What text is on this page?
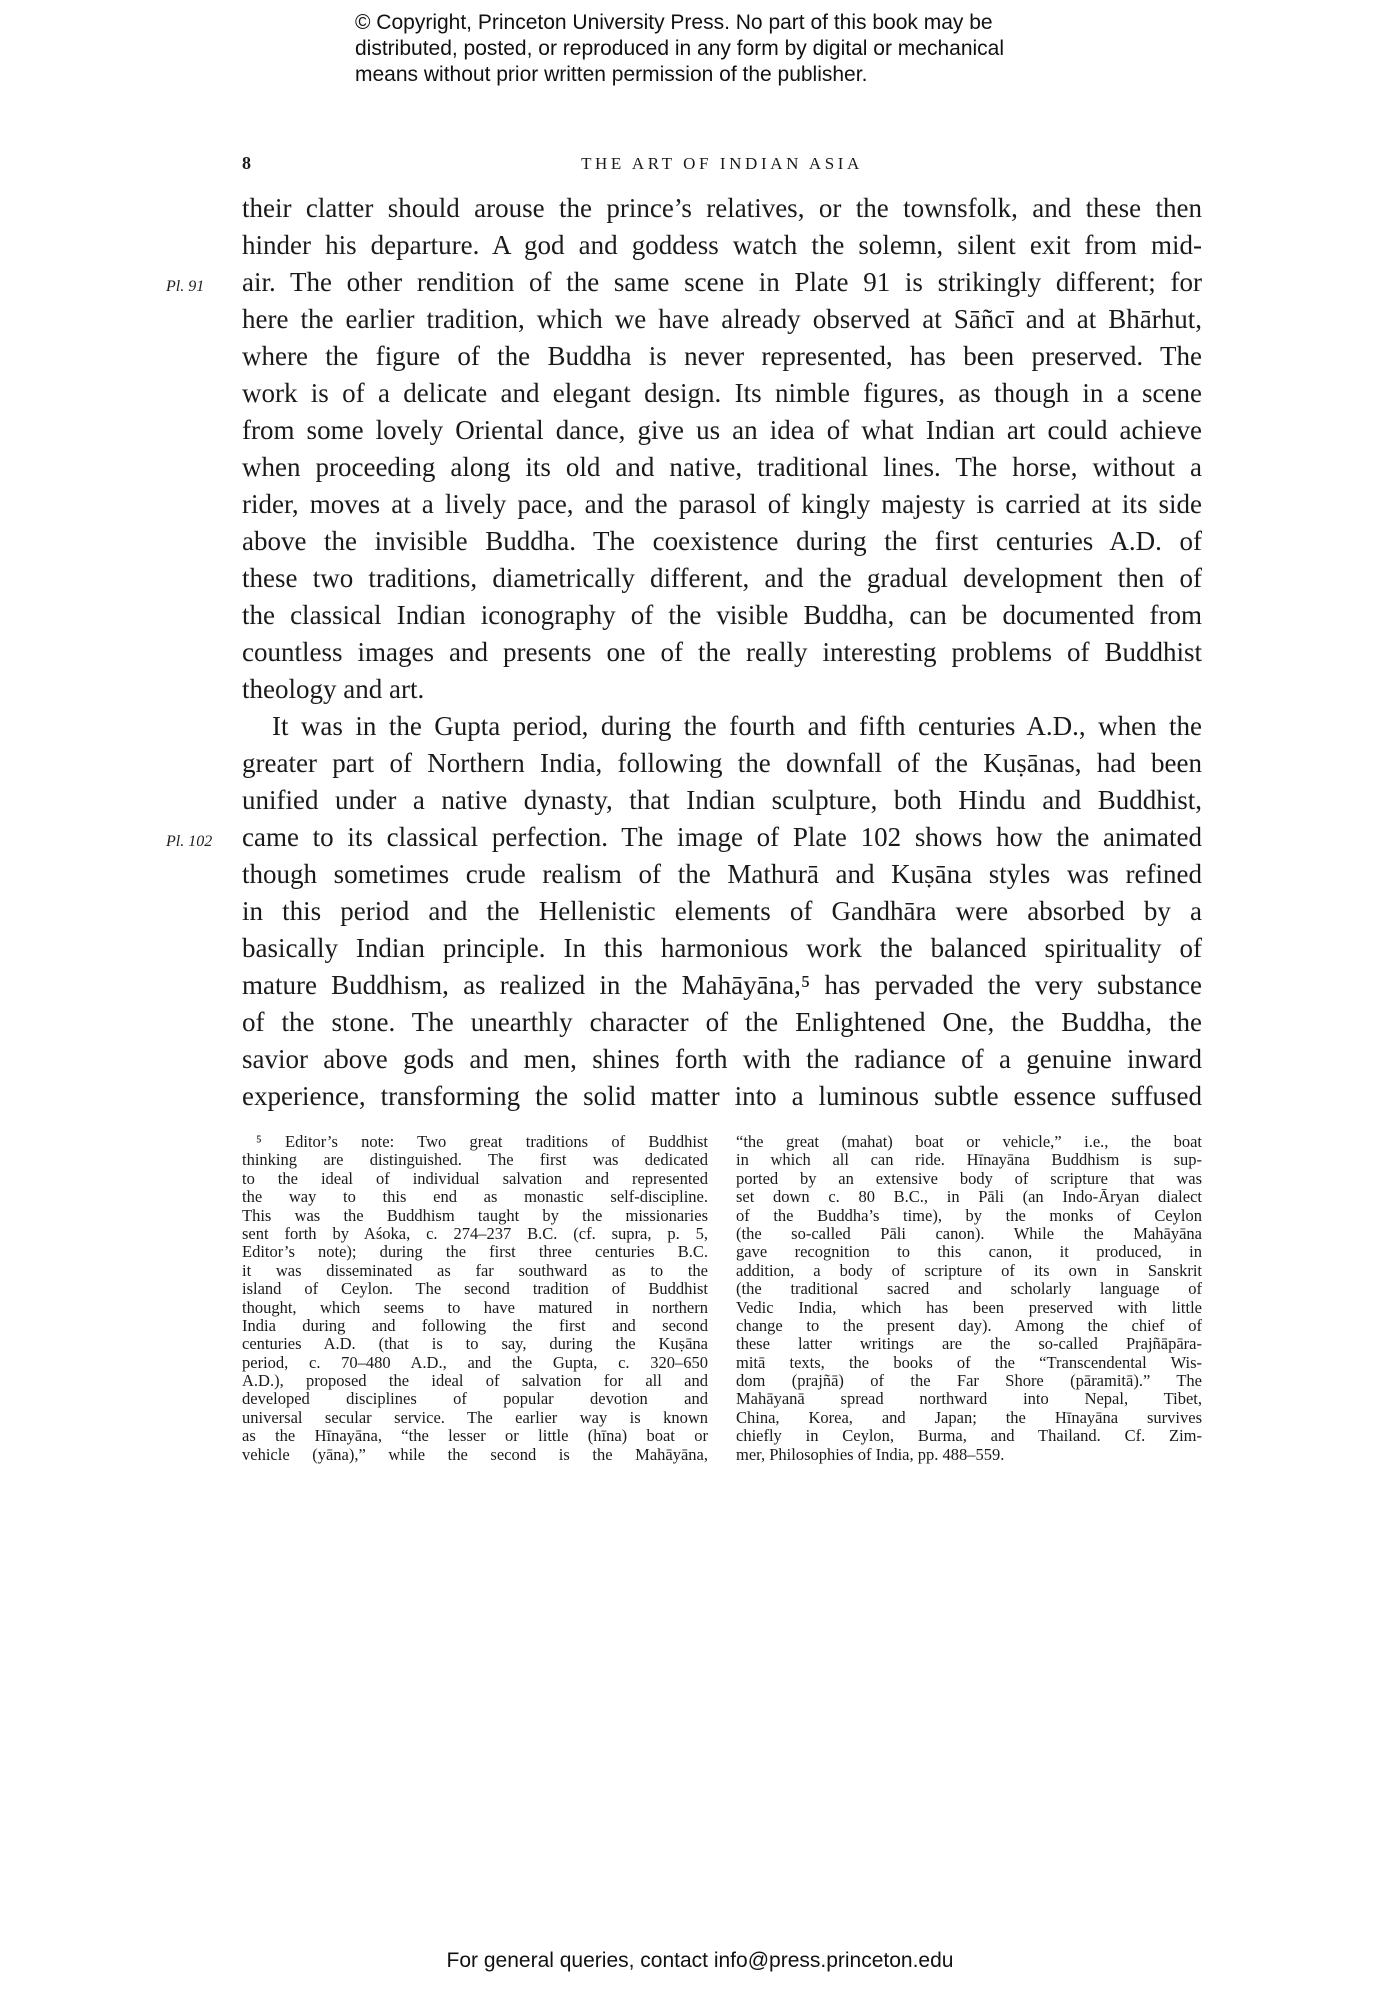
© Copyright, Princeton University Press. No part of this book may be
distributed, posted, or reproduced in any form by digital or mechanical
means without prior written permission of the publisher.
8	THE ART OF INDIAN ASIA
Pl. 91
Pl. 102
their clatter should arouse the prince’s relatives, or the townsfolk, and these then
hinder his departure. A god and goddess watch the solemn, silent exit from mid-
air. The other rendition of the same scene in Plate 91 is strikingly different; for
here the earlier tradition, which we have already observed at Sāñcī and at Bhārhut,
where the figure of the Buddha is never represented, has been preserved. The
work is of a delicate and elegant design. Its nimble figures, as though in a scene
from some lovely Oriental dance, give us an idea of what Indian art could achieve
when proceeding along its old and native, traditional lines. The horse, without a
rider, moves at a lively pace, and the parasol of kingly majesty is carried at its side
above the invisible Buddha. The coexistence during the first centuries A.D. of
these two traditions, diametrically different, and the gradual development then of
the classical Indian iconography of the visible Buddha, can be documented from
countless images and presents one of the really interesting problems of Buddhist
theology and art.
It was in the Gupta period, during the fourth and fifth centuries A.D., when the
greater part of Northern India, following the downfall of the Kuṣānas, had been
unified under a native dynasty, that Indian sculpture, both Hindu and Buddhist,
came to its classical perfection. The image of Plate 102 shows how the animated
though sometimes crude realism of the Mathurā and Kuṣāna styles was refined
in this period and the Hellenistic elements of Gandhāra were absorbed by a
basically Indian principle. In this harmonious work the balanced spirituality of
mature Buddhism, as realized in the Mahāyāna,⁵ has pervaded the very substance
of the stone. The unearthly character of the Enlightened One, the Buddha, the
savior above gods and men, shines forth with the radiance of a genuine inward
experience, transforming the solid matter into a luminous subtle essence suffused
⁵ Editor’s note: Two great traditions of Buddhist
thinking are distinguished. The first was dedicated
to the ideal of individual salvation and represented
the way to this end as monastic self-discipline.
This was the Buddhism taught by the missionaries
sent forth by Aśoka, c. 274–237 B.C. (cf. supra, p. 5,
Editor’s note); during the first three centuries B.C.
it was disseminated as far southward as to the
island of Ceylon. The second tradition of Buddhist
thought, which seems to have matured in northern
India during and following the first and second
centuries A.D. (that is to say, during the Kuṣāna
period, c. 70–480 A.D., and the Gupta, c. 320–650
A.D.), proposed the ideal of salvation for all and
developed disciplines of popular devotion and
universal secular service. The earlier way is known
as the Hīnayāna, “the lesser or little (hīna) boat or
vehicle (yāna),” while the second is the Mahāyāna,
“the great (mahat) boat or vehicle,” i.e., the boat
in which all can ride. Hīnayāna Buddhism is sup-
ported by an extensive body of scripture that was
set down c. 80 B.C., in Pāli (an Indo-Āryan dialect
of the Buddha’s time), by the monks of Ceylon
(the so-called Pāli canon). While the Mahāyāna
gave recognition to this canon, it produced, in
addition, a body of scripture of its own in Sanskrit
(the traditional sacred and scholarly language of
Vedic India, which has been preserved with little
change to the present day). Among the chief of
these latter writings are the so-called Prajñāpāra-
mitā texts, the books of the “Transcendental Wis-
dom (prajñā) of the Far Shore (pāramitā).” The
Mahāyanā spread northward into Nepal, Tibet,
China, Korea, and Japan; the Hīnayāna survives
chiefly in Ceylon, Burma, and Thailand. Cf. Zim-
mer, Philosophies of India, pp. 488–559.
For general queries, contact info@press.princeton.edu
